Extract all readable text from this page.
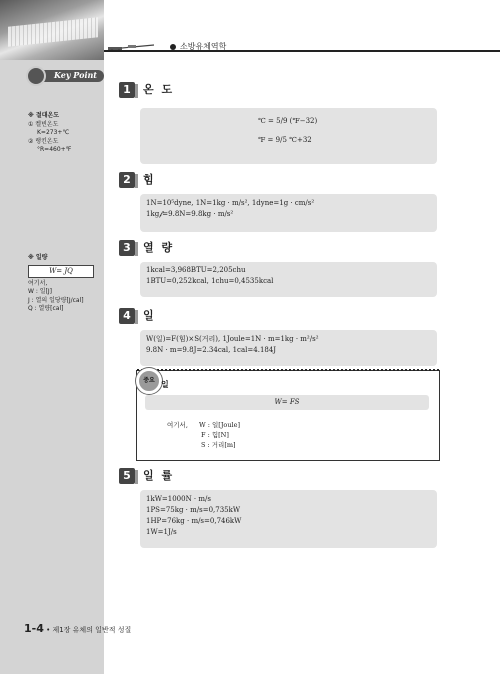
소방유체역학
Key Point
※ 절대온도
① 켈빈온도
K=273+℃
② 랭킨온도
°R=460+℉
※ 일량
W= JQ
여기서,
W : 일[J]
J : 열의 일당량[J/cal]
Q : 열량[cal]
1	온 도
℃ = 5/9 (℉−32)
℉ = 9/5 ℃+32
2	힘
1N=10⁵dyne, 1N=1kg · m/s², 1dyne=1g · cm/s²
1kg𝒻=9.8N=9.8kg · m/s²
3	열 량
1kcal=3,968BTU=2,205chu
1BTU=0,252kcal, 1chu=0,4535kcal
4	일
W(일)=F(힘)×S(거리), 1Joule=1N · m=1kg · m²/s²
9.8N · m=9.8J=2.34cal, 1cal=4.184J
중요 일
W= FS
여기서, W : 일[Joule]
F : 힘[N]
S : 거리[m]
5	일 률
1kW=1000N · m/s
1PS=75kg · m/s=0,735kW
1HP=76kg · m/s=0,746kW
1W=1J/s
1-4 • 제1장 유체의 일반적 성질
